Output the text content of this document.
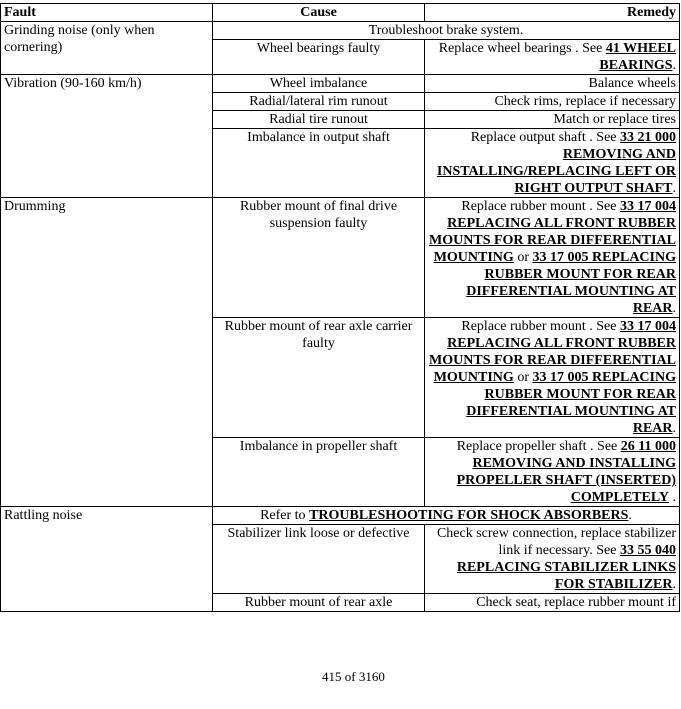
Fault	Cause	Remedy
Grinding noise (only when cornering)	Troubleshoot brake system.	
	Wheel bearings faulty	Replace wheel bearings . See 41 WHEEL BEARINGS.
Vibration (90-160 km/h)	Wheel imbalance	Balance wheels
	Radial/lateral rim runout	Check rims, replace if necessary
	Radial tire runout	Match or replace tires
	Imbalance in output shaft	Replace output shaft . See 33 21 000 REMOVING AND INSTALLING/REPLACING LEFT OR RIGHT OUTPUT SHAFT.
Drumming	Rubber mount of final drive suspension faulty	Replace rubber mount . See 33 17 004 REPLACING ALL FRONT RUBBER MOUNTS FOR REAR DIFFERENTIAL MOUNTING or 33 17 005 REPLACING RUBBER MOUNT FOR REAR DIFFERENTIAL MOUNTING AT REAR.
	Rubber mount of rear axle carrier faulty	Replace rubber mount . See 33 17 004 REPLACING ALL FRONT RUBBER MOUNTS FOR REAR DIFFERENTIAL MOUNTING or 33 17 005 REPLACING RUBBER MOUNT FOR REAR DIFFERENTIAL MOUNTING AT REAR.
	Imbalance in propeller shaft	Replace propeller shaft . See 26 11 000 REMOVING AND INSTALLING PROPELLER SHAFT (INSERTED) COMPLETELY .
Rattling noise	Refer to TROUBLESHOOTING FOR SHOCK ABSORBERS.	
	Stabilizer link loose or defective	Check screw connection, replace stabilizer link if necessary. See 33 55 040 REPLACING STABILIZER LINKS FOR STABILIZER.
	Rubber mount of rear axle	Check seat, replace rubber mount if
415 of 3160
